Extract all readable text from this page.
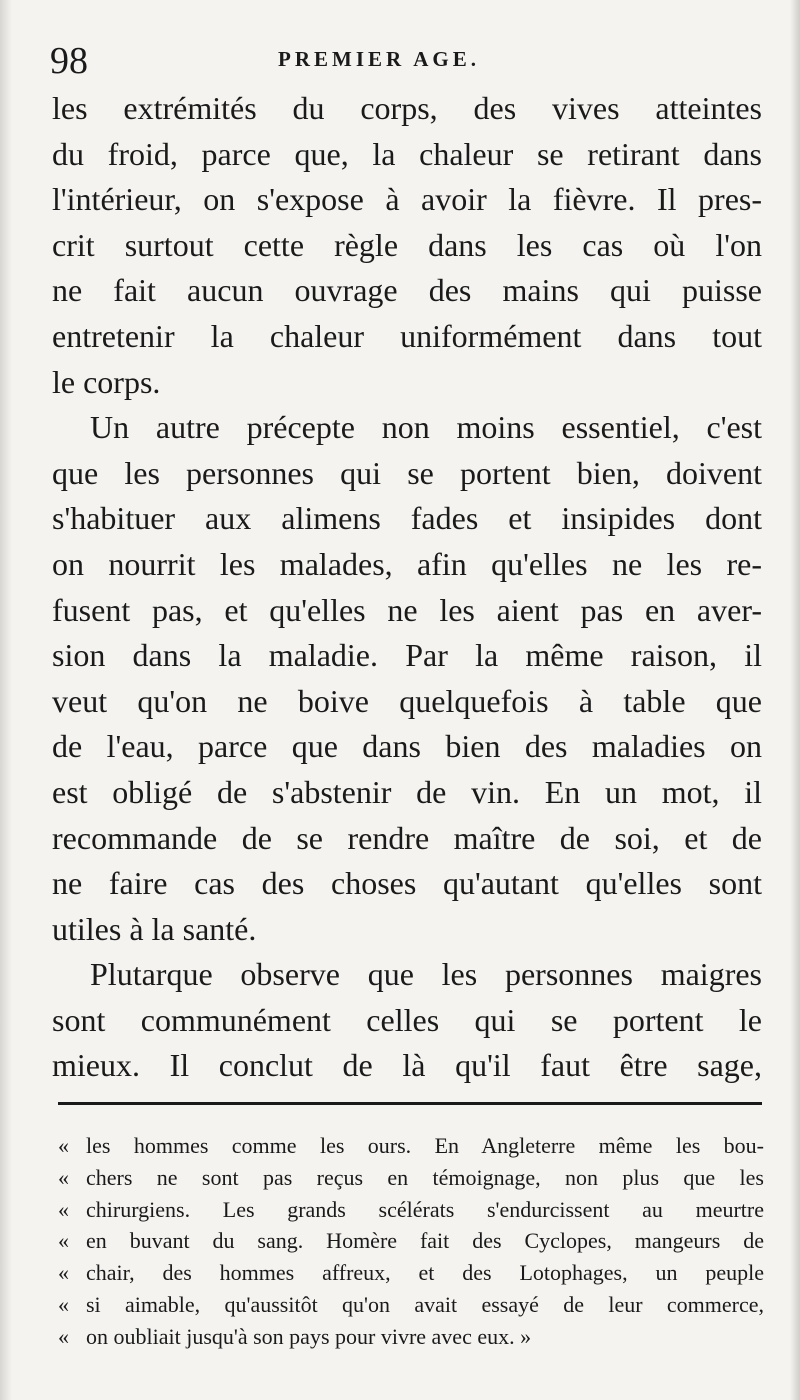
98	PREMIER AGE.
les extrémités du corps, des vives atteintes
du froid, parce que, la chaleur se retirant dans
l'intérieur, on s'expose à avoir la fièvre. Il pres-
crit surtout cette règle dans les cas où l'on
ne fait aucun ouvrage des mains qui puisse
entretenir la chaleur uniformément dans tout
le corps.
Un autre précepte non moins essentiel, c'est
que les personnes qui se portent bien, doivent
s'habituer aux alimens fades et insipides dont
on nourrit les malades, afin qu'elles ne les re-
fusent pas, et qu'elles ne les aient pas en aver-
sion dans la maladie. Par la même raison, il
veut qu'on ne boive quelquefois à table que
de l'eau, parce que dans bien des maladies on
est obligé de s'abstenir de vin. En un mot, il
recommande de se rendre maître de soi, et de
ne faire cas des choses qu'autant qu'elles sont
utiles à la santé.
Plutarque observe que les personnes maigres
sont communément celles qui se portent le
mieux. Il conclut de là qu'il faut être sage,
« les hommes comme les ours. En Angleterre même les bou-
« chers ne sont pas reçus en témoignage, non plus que les
« chirurgiens. Les grands scélérats s'endurcissent au meurtre
« en buvant du sang. Homère fait des Cyclopes, mangeurs de
« chair, des hommes affreux, et des Lotophages, un peuple
« si aimable, qu'aussitôt qu'on avait essayé de leur commerce,
« on oubliait jusqu'à son pays pour vivre avec eux. »
